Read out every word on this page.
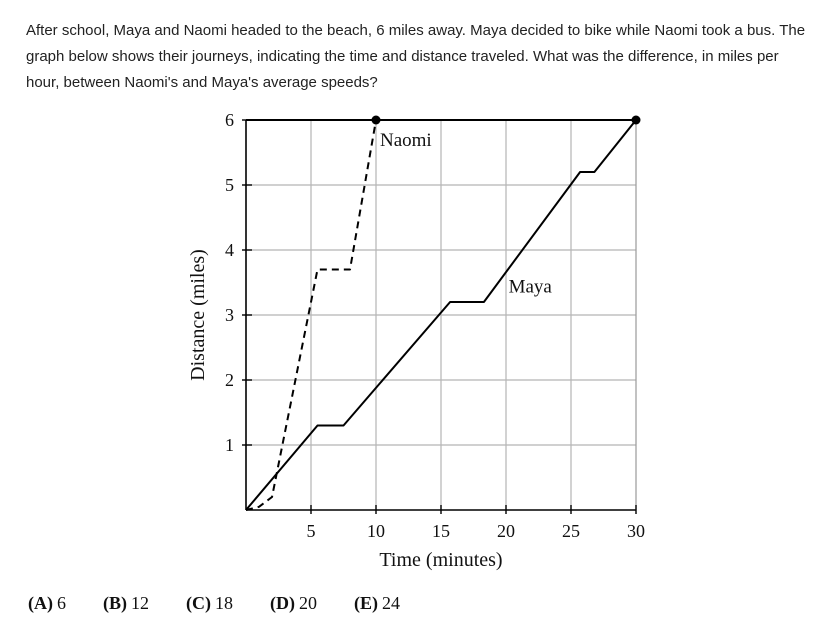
After school, Maya and Naomi headed to the beach, 6 miles away. Maya decided to bike while Naomi took a bus. The graph below shows their journeys, indicating the time and distance traveled. What was the difference, in miles per hour, between Naomi's and Maya's average speeds?
5	10	15	20	25	30
1
2
3
4
5
6
Naomi
Maya
Time (minutes)
Distance (miles)
(A) 6 (B) 12 (C) 18 (D) 20 (E) 24
